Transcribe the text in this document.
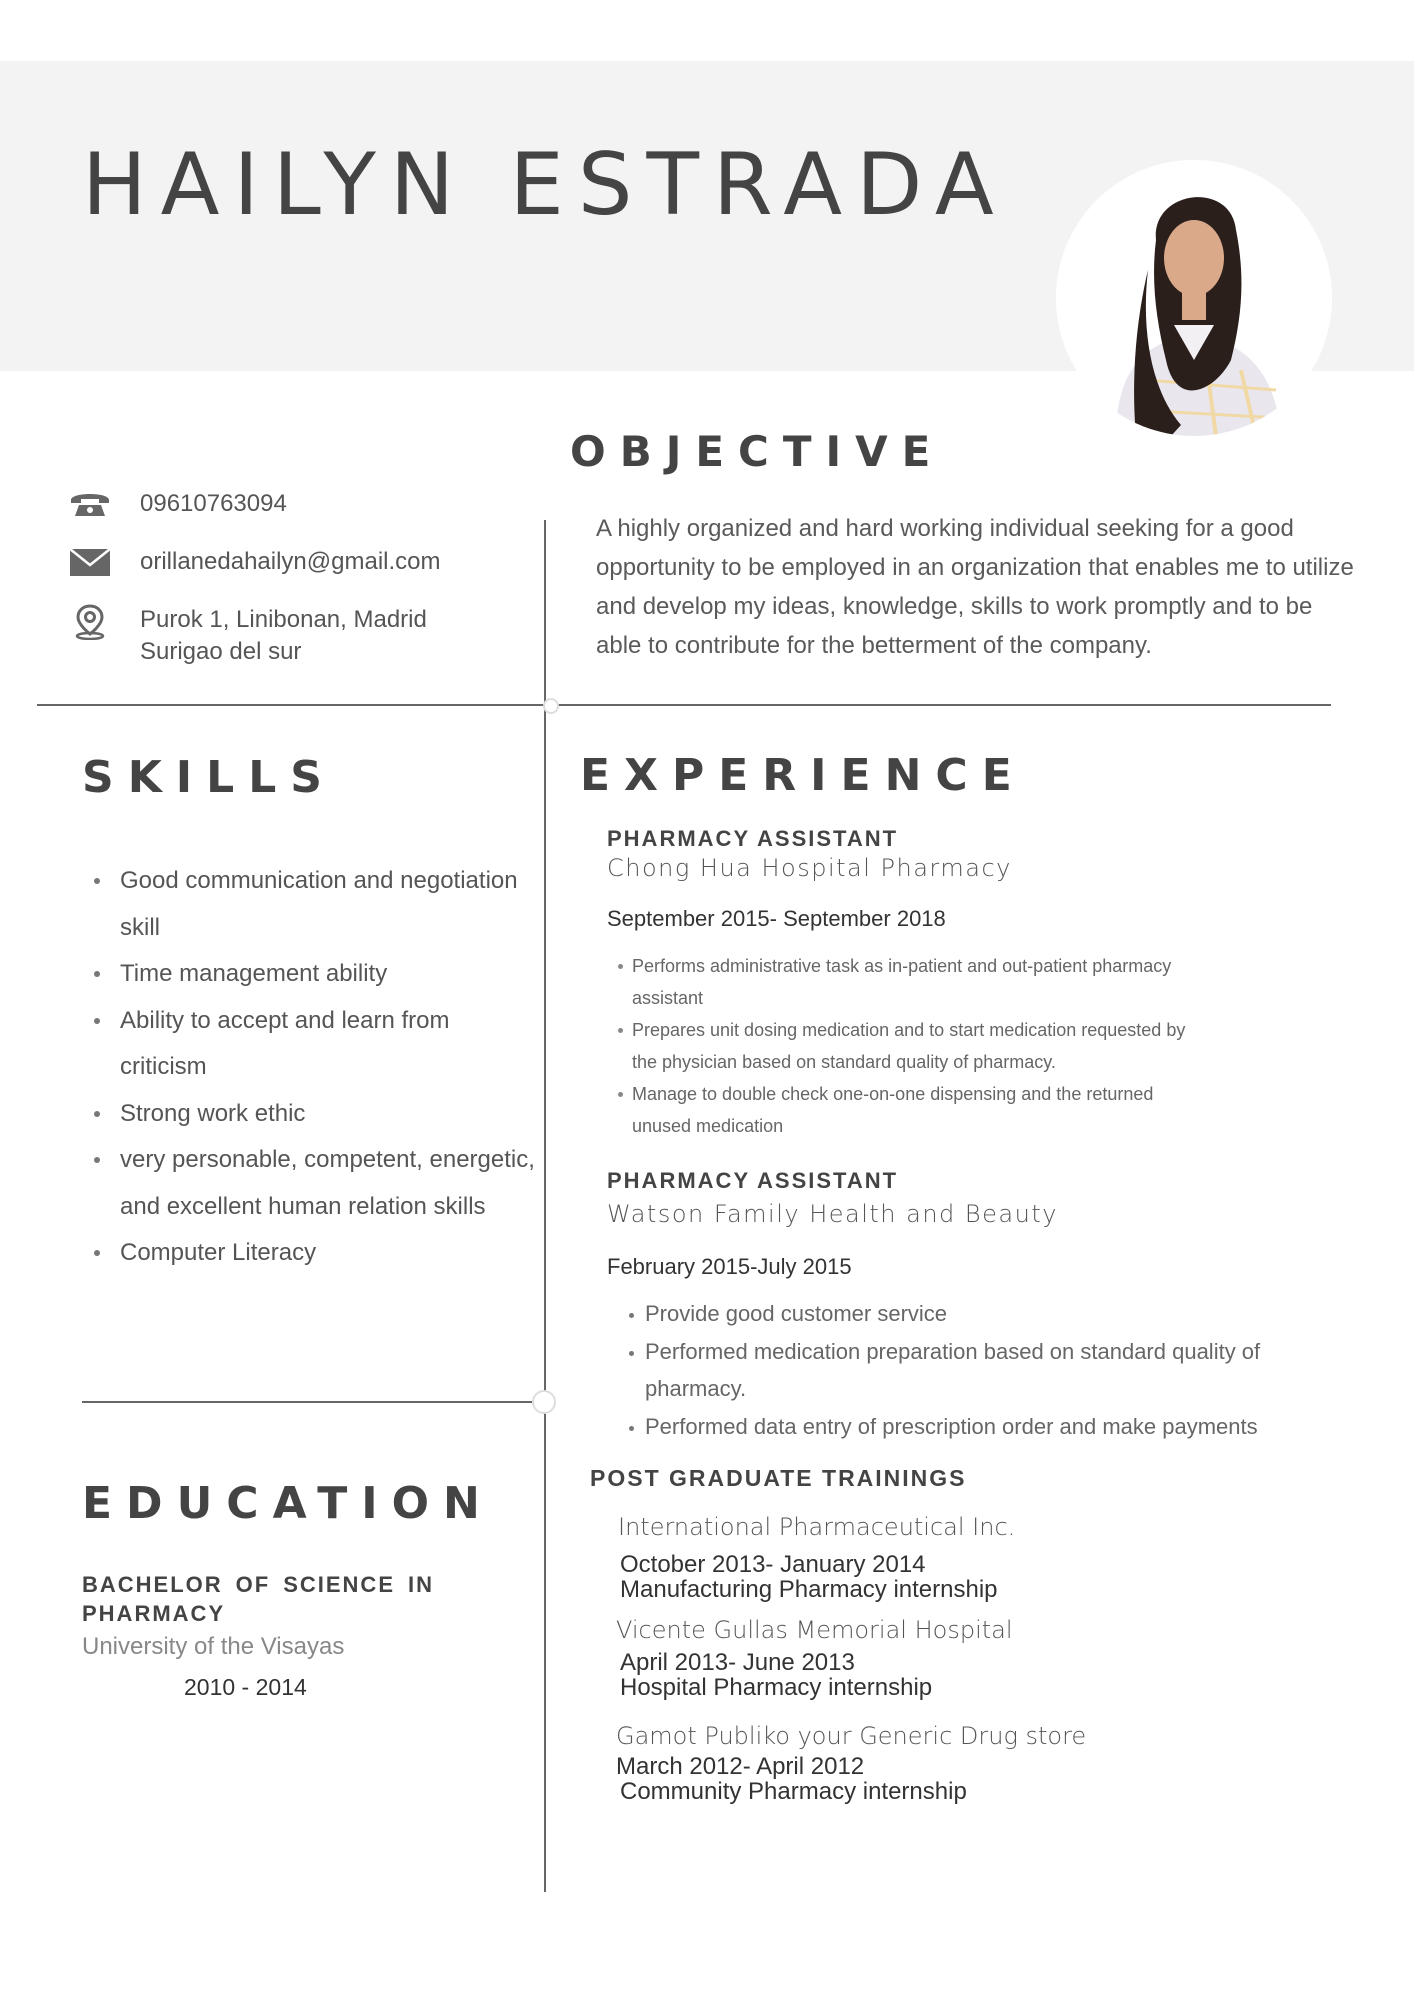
HAILYN ESTRADA
OBJECTIVE
09610763094
orillanedahailyn@gmail.com
Purok 1, Linibonan, Madrid
Surigao del sur
A highly organized and hard working individual seeking for a good opportunity to be employed in an organization that enables me to utilize and develop my ideas, knowledge, skills to work promptly and to be able to contribute for the betterment of the company.
SKILLS
Good communication and negotiation skill
Time management ability
Ability to accept and learn from criticism
Strong work ethic
very personable, competent, energetic, and excellent human relation skills
Computer Literacy
EXPERIENCE
PHARMACY ASSISTANT
Chong Hua Hospital Pharmacy
September 2015- September 2018
Performs administrative task as in-patient and out-patient pharmacy assistant
Prepares unit dosing medication and to start medication requested by the physician based on standard quality of pharmacy.
Manage to double check one-on-one dispensing and the returned unused medication
PHARMACY ASSISTANT
Watson Family Health and Beauty
February 2015-July 2015
Provide good customer service
Performed medication preparation based on standard quality of pharmacy.
Performed data entry of prescription order and make payments
POST GRADUATE TRAININGS
International Pharmaceutical Inc.
October 2013- January 2014
Manufacturing Pharmacy internship
Vicente Gullas Memorial Hospital
April 2013- June 2013
Hospital Pharmacy internship
Gamot Publiko your Generic Drug store
March 2012- April 2012
Community Pharmacy internship
EDUCATION
BACHELOR OF SCIENCE IN PHARMACY
University of the Visayas
2010 - 2014
